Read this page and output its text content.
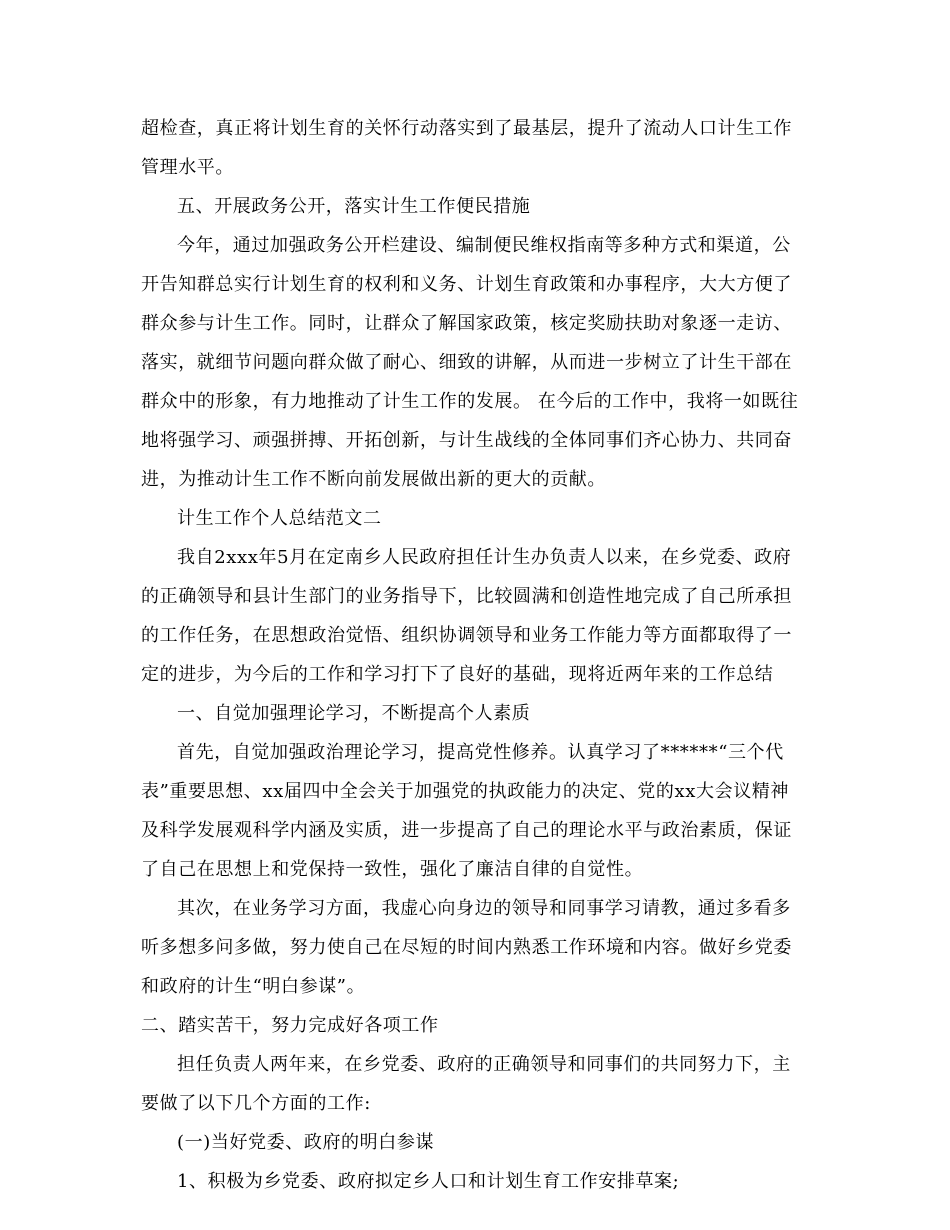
超检查，真正将计划生育的关怀行动落实到了最基层，提升了流动人口计生工作
管理水平。
五、开展政务公开，落实计生工作便民措施
今年，通过加强政务公开栏建设、编制便民维权指南等多种方式和渠道，公
开告知群总实行计划生育的权利和义务、计划生育政策和办事程序，大大方便了
群众参与计生工作。同时，让群众了解国家政策，核定奖励扶助对象逐一走访、
落实，就细节问题向群众做了耐心、细致的讲解，从而进一步树立了计生干部在
群众中的形象，有力地推动了计生工作的发展。 在今后的工作中，我将一如既往
地将强学习、顽强拼搏、开拓创新，与计生战线的全体同事们齐心协力、共同奋
进，为推动计生工作不断向前发展做出新的更大的贡献。
计生工作个人总结范文二
我自2xxx年5月在定南乡人民政府担任计生办负责人以来，在乡党委、政府
的正确领导和县计生部门的业务指导下，比较圆满和创造性地完成了自己所承担
的工作任务，在思想政治觉悟、组织协调领导和业务工作能力等方面都取得了一
定的进步，为今后的工作和学习打下了良好的基础，现将近两年来的工作总结
一、自觉加强理论学习，不断提高个人素质
首先，自觉加强政治理论学习，提高党性修养。认真学习了******“三个代
表”重要思想、xx届四中全会关于加强党的执政能力的决定、党的xx大会议精神
及科学发展观科学内涵及实质，进一步提高了自己的理论水平与政治素质，保证
了自己在思想上和党保持一致性，强化了廉洁自律的自觉性。
其次，在业务学习方面，我虚心向身边的领导和同事学习请教，通过多看多
听多想多问多做，努力使自己在尽短的时间内熟悉工作环境和内容。做好乡党委
和政府的计生“明白参谋”。
二、踏实苦干，努力完成好各项工作
担任负责人两年来，在乡党委、政府的正确领导和同事们的共同努力下，主
要做了以下几个方面的工作:
(一)当好党委、政府的明白参谋
1、积极为乡党委、政府拟定乡人口和计划生育工作安排草案;
